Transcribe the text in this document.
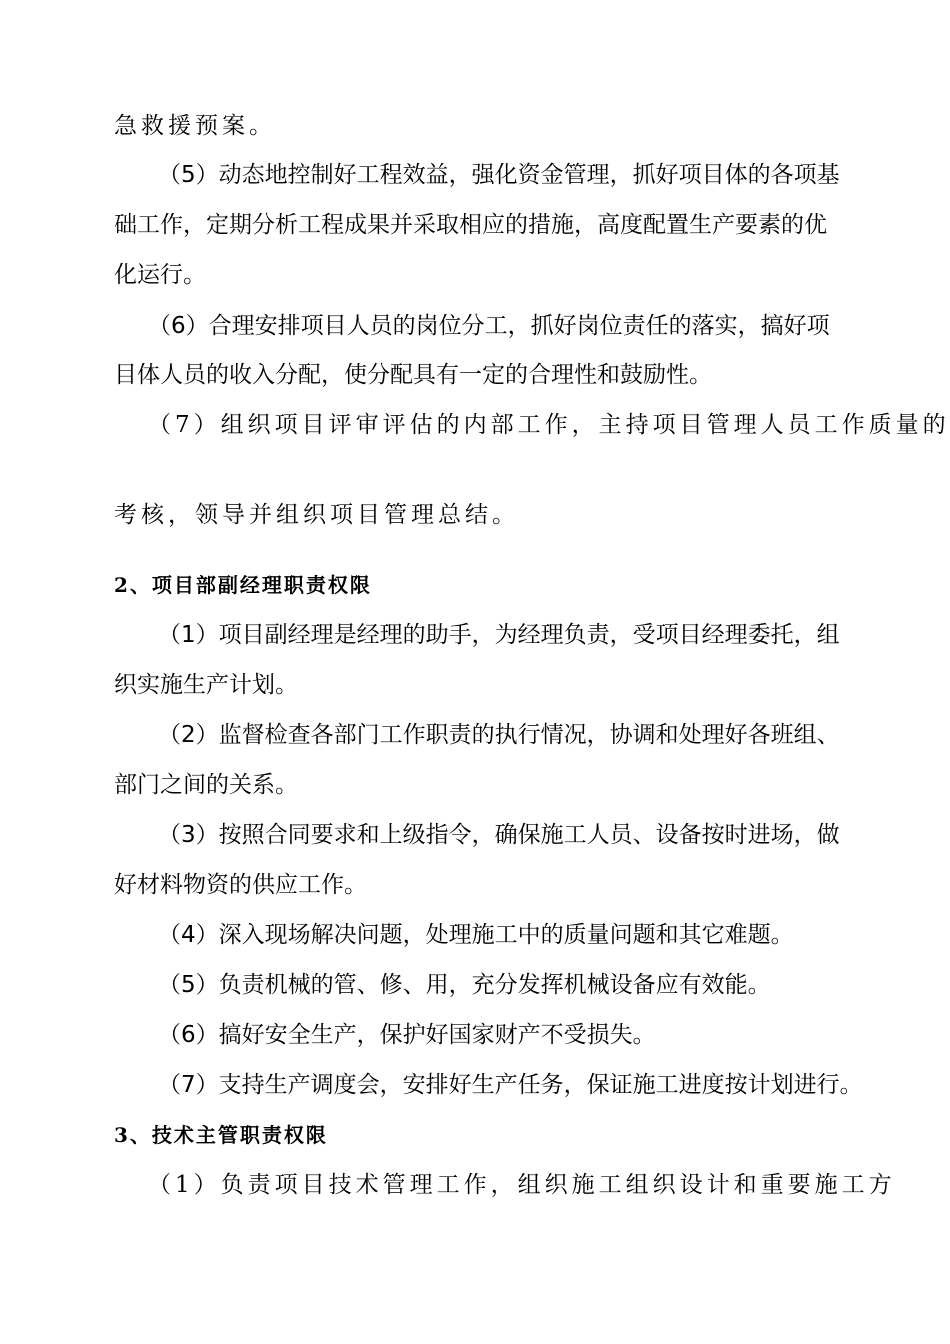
急救援预案。
（5）动态地控制好工程效益，强化资金管理，抓好项目体的各项基
础工作，定期分析工程成果并采取相应的措施，高度配置生产要素的优
化运行。
（6）合理安排项目人员的岗位分工，抓好岗位责任的落实，搞好项
目体人员的收入分配，使分配具有一定的合理性和鼓励性。
（7）组织项目评审评估的内部工作，主持项目管理人员工作质量的
考核，领导并组织项目管理总结。
2、项目部副经理职责权限
（1）项目副经理是经理的助手，为经理负责，受项目经理委托，组
织实施生产计划。
（2）监督检查各部门工作职责的执行情况，协调和处理好各班组、
部门之间的关系。
（3）按照合同要求和上级指令，确保施工人员、设备按时进场，做
好材料物资的供应工作。
（4）深入现场解决问题，处理施工中的质量问题和其它难题。
（5）负责机械的管、修、用，充分发挥机械设备应有效能。
（6）搞好安全生产，保护好国家财产不受损失。
（7）支持生产调度会，安排好生产任务，保证施工进度按计划进行。
3、技术主管职责权限
（1）负责项目技术管理工作，组织施工组织设计和重要施工方
